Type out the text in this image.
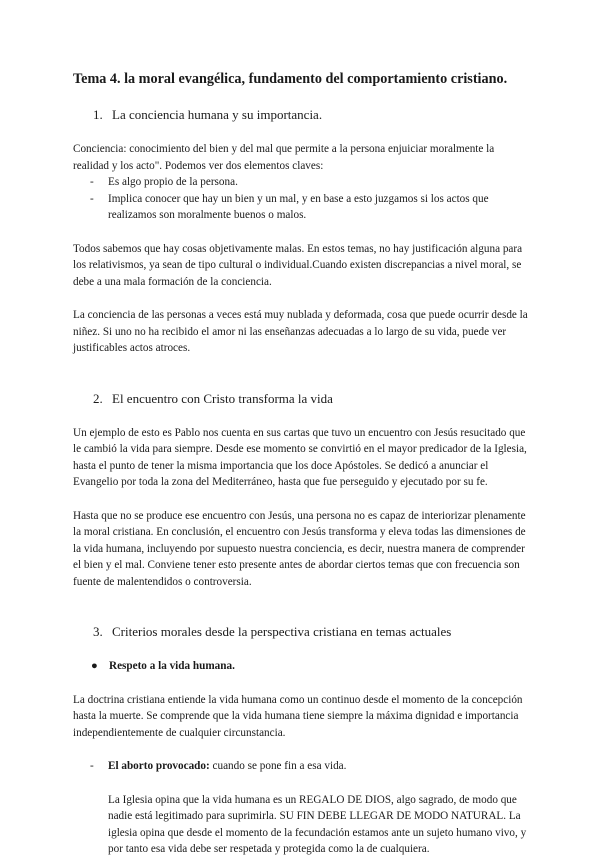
Tema 4. la moral evangélica, fundamento del comportamiento cristiano.
1. La conciencia humana y su importancia.

Conciencia: conocimiento del bien y del mal que permite a la persona enjuiciar moralmente la realidad y los acto". Podemos ver dos elementos claves:

-	Es algo propio de la persona.
-	Implica conocer que hay un bien y un mal, y en base a esto juzgamos si los actos que realizamos son moralmente buenos o malos.

Todos sabemos que hay cosas objetivamente malas. En estos temas, no hay justificación alguna para los relativismos, ya sean de tipo cultural o individual.Cuando existen discrepancias a nivel moral, se debe a una mala formación de la conciencia.

La conciencia de las personas a veces está muy nublada y deformada, cosa que puede ocurrir desde la niñez. Si uno no ha recibido el amor ni las enseñanzas adecuadas a lo largo de su vida, puede ver justificables actos atroces.

2. El encuentro con Cristo transforma la vida

Un ejemplo de esto es Pablo nos cuenta en sus cartas que tuvo un encuentro con Jesús resucitado que le cambió la vida para siempre. Desde ese momento se convirtió en el mayor predicador de la Iglesia, hasta el punto de tener la misma importancia que los doce Apóstoles. Se dedicó a anunciar el Evangelio por toda la zona del Mediterráneo, hasta que fue perseguido y ejecutado por su fe.

Hasta que no se produce ese encuentro con Jesús, una persona no es capaz de interiorizar plenamente la moral cristiana. En conclusión, el encuentro con Jesús transforma y eleva todas las dimensiones de la vida humana, incluyendo por supuesto nuestra conciencia, es decir, nuestra manera de comprender el bien y el mal. Conviene tener esto presente antes de abordar ciertos temas que con frecuencia son fuente de malentendidos o controversia.

3. Criterios morales desde la perspectiva cristiana en temas actuales
●	Respeto a la vida humana.

La doctrina cristiana entiende la vida humana como un continuo desde el momento de la concepción hasta la muerte. Se comprende que la vida humana tiene siempre la máxima dignidad e importancia independientemente de cualquier circunstancia.

-	El aborto provocado: cuando se pone fin a esa vida.

La Iglesia opina que la vida humana es un REGALO DE DIOS, algo sagrado, de modo que nadie está legitimado para suprimirla. SU FIN DEBE LLEGAR DE MODO NATURAL. La iglesia opina que desde el momento de la fecundación estamos ante un sujeto humano vivo, y por tanto esa vida debe ser respetada y protegida como la de cualquiera.
